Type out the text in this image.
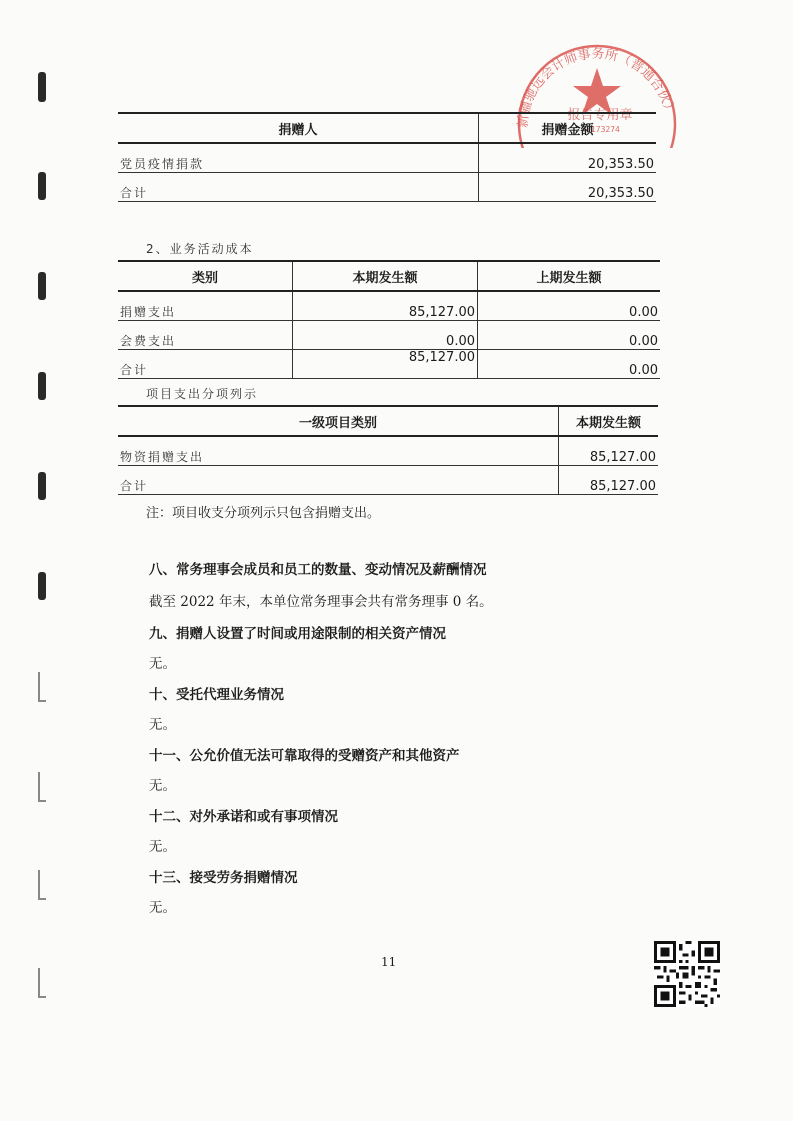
新疆驰远会计师事务所（普通合伙）
报告专用章
6173274
捐赠人	捐赠金额
党员疫情捐款	20,353.50
合计	20,353.50
2、业务活动成本
类别	本期发生额	上期发生额
捐赠支出	85,127.00	0.00
会费支出	0.00	0.00
合计	85,127.00	0.00
项目支出分项列示
一级项目类别	本期发生额
物资捐赠支出	85,127.00
合计	85,127.00
注：项目收支分项列示只包含捐赠支出。
八、常务理事会成员和员工的数量、变动情况及薪酬情况
截至 2022 年末，本单位常务理事会共有常务理事 0 名。
九、捐赠人设置了时间或用途限制的相关资产情况
无。
十、受托代理业务情况
无。
十一、公允价值无法可靠取得的受赠资产和其他资产
无。
十二、对外承诺和或有事项情况
无。
十三、接受劳务捐赠情况
无。
11
